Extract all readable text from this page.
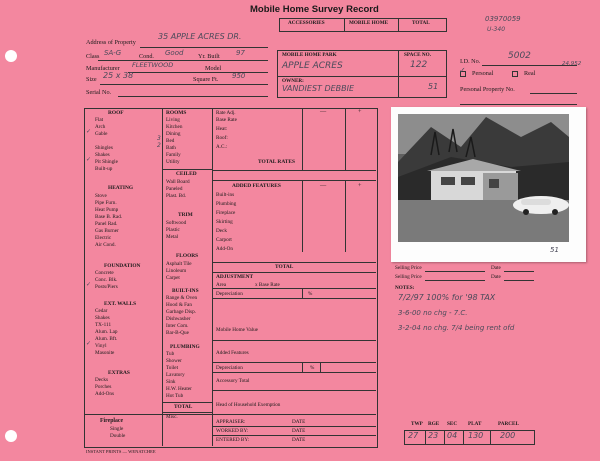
Mobile Home Survey Record
03970059
U-340
ACCESSORIES	MOBILE HOME	TOTAL
Address of Property
35 APPLE ACRES DR.
Class SA-G	Cond. Good Yr. Built 97
Manufacturer FLEETWOOD	Model
Size 25 x 38	Square Ft. 950
Serial No.
MOBILE HOME PARK	SPACE NO.
APPLE ACRES	122
OWNER:
VANDIEST DEBBIE	51
I.D. No.
5002
24,952
✓ Personal	Real
Personal Property No.
ROOF
Flat
Arch
Gable
✓
Shingles
Shakes
Pit Shingle
✓
Built-up
HEATING
Stove
Pipe Furn.
Heat Pump
Base B. Rad.
Panel Rad.
Gas Burner
Electric
Air Cond.
FOUNDATION
Concrete
Conc. Blk.
Posts/Piers
✓
EXT. WALLS
Cedar
Shakes
TX-111
Alum. Lap
Alum. Bft.
Vinyl
✓
Masonite
EXTRAS
Decks
Porches
Add-Ons
Fireplace
Single
Double
ROOMS
Living
Kitchen
Dining
Bed
3
Bath
2
Family
Utility
CEILED
Wall Board
Paneled
Plast. Bd.
TRIM
Softwood
Plastic
Metal
FLOORS
Asphalt Tile
Linoleum
Carpet
BUILT-INS
Range & Oven
Hood & Fan
Garbage Disp.
Dishwasher
Inter Com.
Bar-B-Que
PLUMBING
Tub
Shower
Toilet
Lavatory
Sink
H.W. Heater
Hot Tub
TOTAL
Misc.
Rate Adj.	—	+
Base Rate
Heat:
Roof:
A.C.:
TOTAL RATES
ADDED FEATURES	—	+
Built-ins
Plumbing
Fireplace
Skirting
Deck
Carport
Add-On
TOTAL
ADJUSTMENT
Area	x Base Rate
Depreciation	%
Mobile Home Value
Added Features
Depreciation	%
Accessory Total
Head of Household Exemption
APPRAISER:	DATE
WORKED BY:	DATE
ENTERED BY:	DATE
51
Selling Price	Date
Selling Price	Date
NOTES:
7/2/97 100% for '98 TAX
3-6-00 no chg - 7.C.
3-2-04 no chg. 7/4 being rent ofd
TWP RGE SEC PLAT	PARCEL
27 23 04 130 200
INSTANT PRINTS — WENATCHEE
